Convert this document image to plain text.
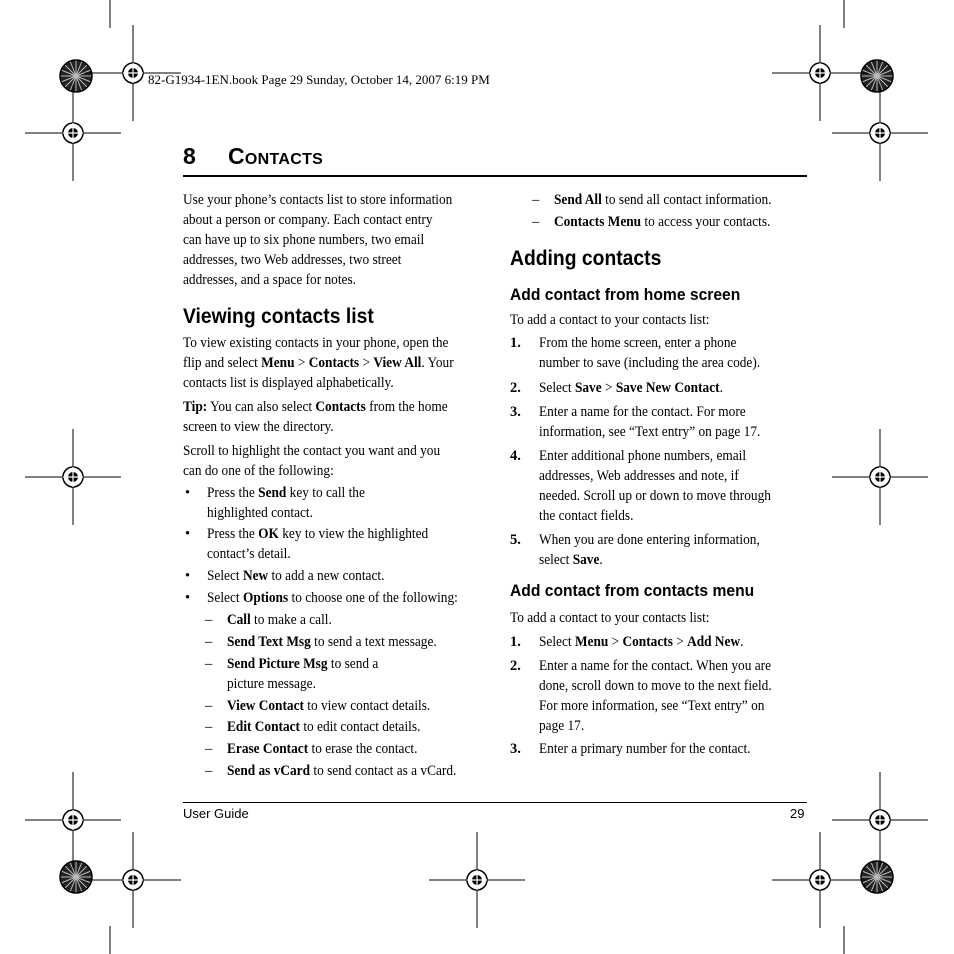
82-G1934-1EN.book Page 29 Sunday, October 14, 2007 6:19 PM
8 Contacts
Use your phone’s contacts list to store information
about a person or company. Each contact entry
can have up to six phone numbers, two email
addresses, two Web addresses, two street
addresses, and a space for notes.
Viewing contacts list
To view existing contacts in your phone, open the
flip and select Menu > Contacts > View All. Your
contacts list is displayed alphabetically.
Tip: You can also select Contacts from the home
screen to view the directory.
Scroll to highlight the contact you want and you
can do one of the following:
• Press the Send key to call the
highlighted contact.
• Press the OK key to view the highlighted
contact’s detail.
• Select New to add a new contact.
• Select Options to choose one of the following:
– Call to make a call.
– Send Text Msg to send a text message.
– Send Picture Msg to send a
picture message.
– View Contact to view contact details.
– Edit Contact to edit contact details.
– Erase Contact to erase the contact.
– Send as vCard to send contact as a vCard.
– Send All to send all contact information.
– Contacts Menu to access your contacts.
Adding contacts
Add contact from home screen
To add a contact to your contacts list:
1. From the home screen, enter a phone
number to save (including the area code).
2. Select Save > Save New Contact.
3. Enter a name for the contact. For more
information, see “Text entry” on page 17.
4. Enter additional phone numbers, email
addresses, Web addresses and note, if
needed. Scroll up or down to move through
the contact fields.
5. When you are done entering information,
select Save.
Add contact from contacts menu
To add a contact to your contacts list:
1. Select Menu > Contacts > Add New.
2. Enter a name for the contact. When you are
done, scroll down to move to the next field.
For more information, see “Text entry” on
page 17.
3. Enter a primary number for the contact.
User Guide	29
